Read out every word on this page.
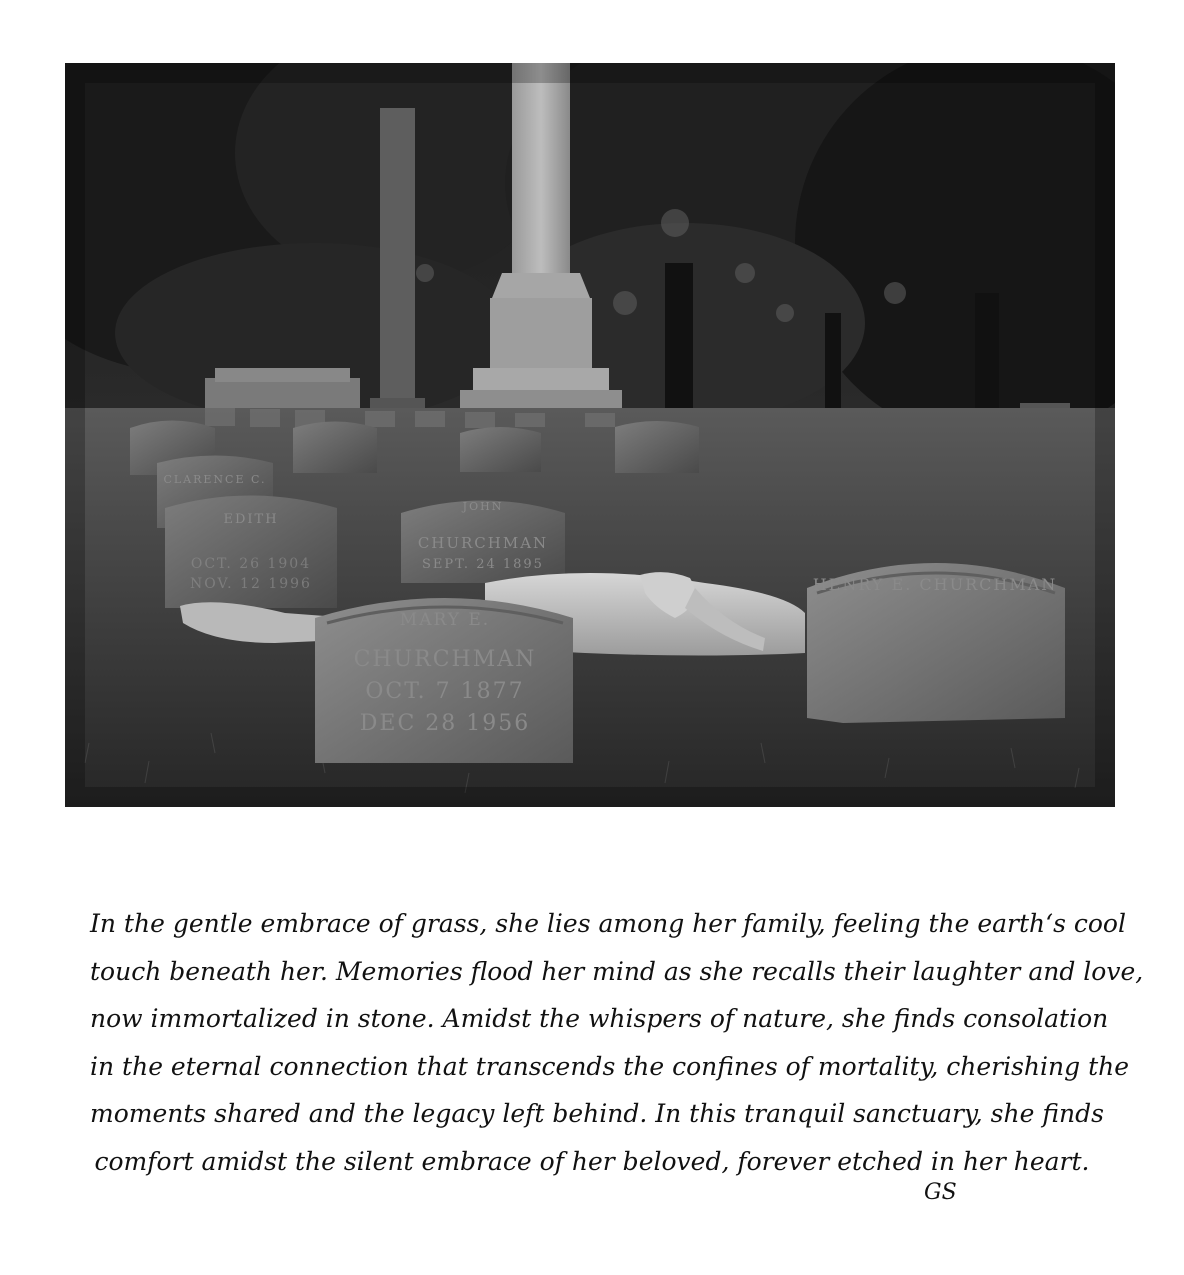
CLARENCE C.
EDITH
OCT. 26 1904
NOV. 12 1996
JOHN
CHURCHMAN
SEPT. 24 1895
MARY E.
CHURCHMAN
OCT. 7 1877
DEC 28 1956
HENRY E. CHURCHMAN

In the gentle embrace of grass, she lies among her family, feeling the earth‘s cool
touch beneath her. Memories flood her mind as she recalls their laughter and love,
now immortalized in stone. Amidst the whispers of nature, she finds consolation
in the eternal connection that transcends the confines of mortality, cherishing the
moments shared and the legacy left behind. In this tranquil sanctuary, she finds
comfort amidst the silent embrace of her beloved, forever etched in her heart.

GS
